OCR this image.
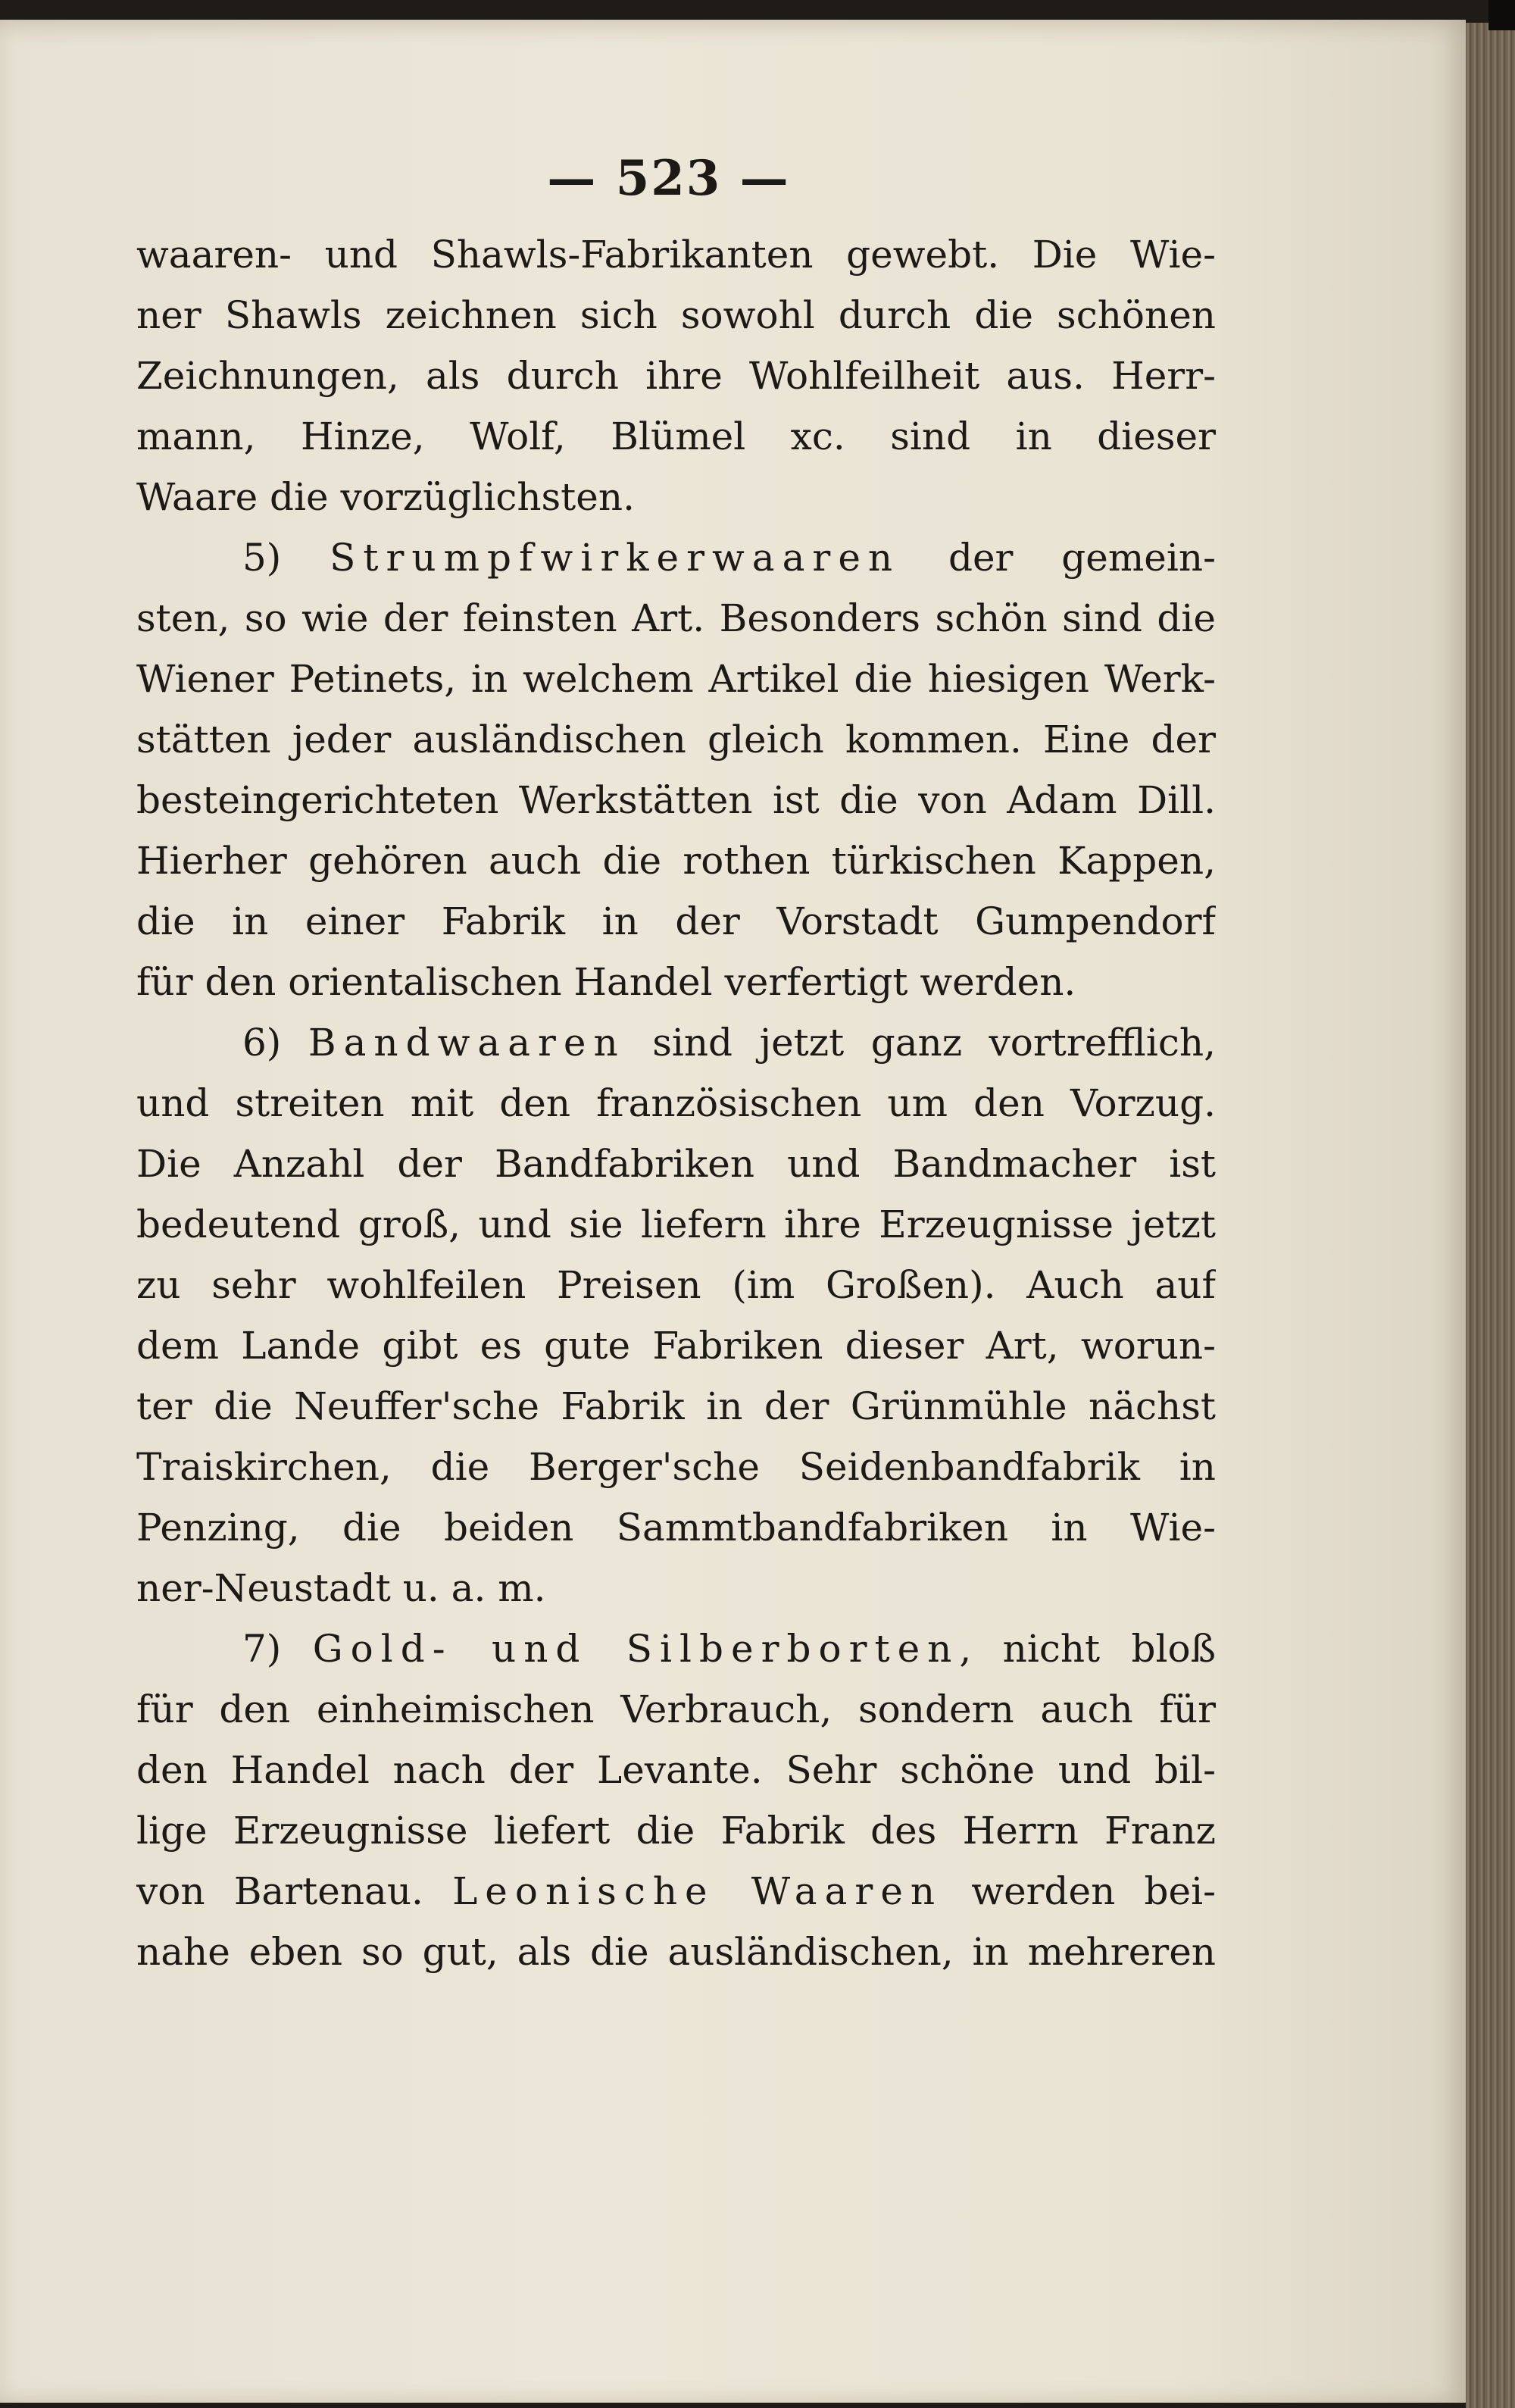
— 523 —
waaren- und Shawls-Fabrikanten gewebt. Die Wie-
ner Shawls zeichnen sich sowohl durch die schönen
Zeichnungen, als durch ihre Wohlfeilheit aus. Herr-
mann, Hinze, Wolf, Blümel xc. sind in dieser
Waare die vorzüglichsten.
5) Strumpfwirkerwaaren der gemein-
sten, so wie der feinsten Art. Besonders schön sind die
Wiener Petinets, in welchem Artikel die hiesigen Werk-
stätten jeder ausländischen gleich kommen. Eine der
besteingerichteten Werkstätten ist die von Adam Dill.
Hierher gehören auch die rothen türkischen Kappen,
die in einer Fabrik in der Vorstadt Gumpendorf
für den orientalischen Handel verfertigt werden.
6) Bandwaaren sind jetzt ganz vortrefflich,
und streiten mit den französischen um den Vorzug.
Die Anzahl der Bandfabriken und Bandmacher ist
bedeutend groß, und sie liefern ihre Erzeugnisse jetzt
zu sehr wohlfeilen Preisen (im Großen). Auch auf
dem Lande gibt es gute Fabriken dieser Art, worun-
ter die Neuffer'sche Fabrik in der Grünmühle nächst
Traiskirchen, die Berger'sche Seidenbandfabrik in
Penzing, die beiden Sammtbandfabriken in Wie-
ner-Neustadt u. a. m.
7) Gold- und Silberborten, nicht bloß
für den einheimischen Verbrauch, sondern auch für
den Handel nach der Levante. Sehr schöne und bil-
lige Erzeugnisse liefert die Fabrik des Herrn Franz
von Bartenau. Leonische Waaren werden bei-
nahe eben so gut, als die ausländischen, in mehreren
